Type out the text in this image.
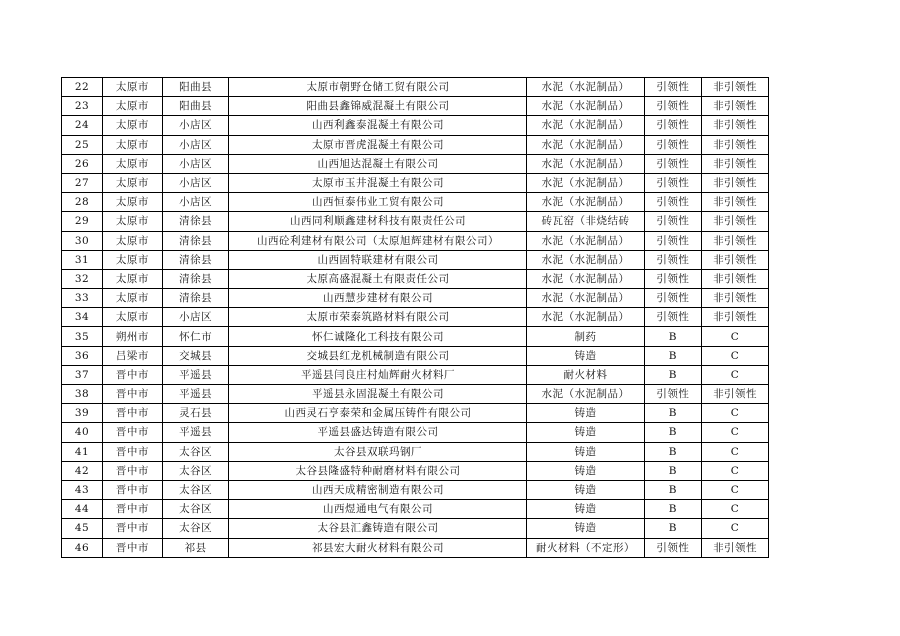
22	太原市	阳曲县	太原市朝野仓储工贸有限公司	水泥（水泥制品）	引领性	非引领性
23	太原市	阳曲县	阳曲县鑫锦威混凝土有限公司	水泥（水泥制品）	引领性	非引领性
24	太原市	小店区	山西利鑫泰混凝土有限公司	水泥（水泥制品）	引领性	非引领性
25	太原市	小店区	太原市晋虎混凝土有限公司	水泥（水泥制品）	引领性	非引领性
26	太原市	小店区	山西旭达混凝土有限公司	水泥（水泥制品）	引领性	非引领性
27	太原市	小店区	太原市玉井混凝土有限公司	水泥（水泥制品）	引领性	非引领性
28	太原市	小店区	山西恒泰伟业工贸有限公司	水泥（水泥制品）	引领性	非引领性
29	太原市	清徐县	山西同利顺鑫建材科技有限责任公司	砖瓦窑（非烧结砖	引领性	非引领性
30	太原市	清徐县	山西砼利建材有限公司（太原旭辉建材有限公司）	水泥（水泥制品）	引领性	非引领性
31	太原市	清徐县	山西固特联建材有限公司	水泥（水泥制品）	引领性	非引领性
32	太原市	清徐县	太原高盛混凝土有限责任公司	水泥（水泥制品）	引领性	非引领性
33	太原市	清徐县	山西慧步建材有限公司	水泥（水泥制品）	引领性	非引领性
34	太原市	小店区	太原市荣泰筑路材料有限公司	水泥（水泥制品）	引领性	非引领性
35	朔州市	怀仁市	怀仁诚隆化工科技有限公司	制药	B	C
36	吕梁市	交城县	交城县红龙机械制造有限公司	铸造	B	C
37	晋中市	平遥县	平遥县闫良庄村灿辉耐火材料厂	耐火材料	B	C
38	晋中市	平遥县	平遥县永固混凝土有限公司	水泥（水泥制品）	引领性	非引领性
39	晋中市	灵石县	山西灵石亨泰荣和金属压铸件有限公司	铸造	B	C
40	晋中市	平遥县	平遥县盛达铸造有限公司	铸造	B	C
41	晋中市	太谷区	太谷县双联玛钢厂	铸造	B	C
42	晋中市	太谷区	太谷县隆盛特种耐磨材料有限公司	铸造	B	C
43	晋中市	太谷区	山西天成精密制造有限公司	铸造	B	C
44	晋中市	太谷区	山西煜通电气有限公司	铸造	B	C
45	晋中市	太谷区	太谷县汇鑫铸造有限公司	铸造	B	C
46	晋中市	祁县	祁县宏大耐火材料有限公司	耐火材料（不定形）	引领性	非引领性
